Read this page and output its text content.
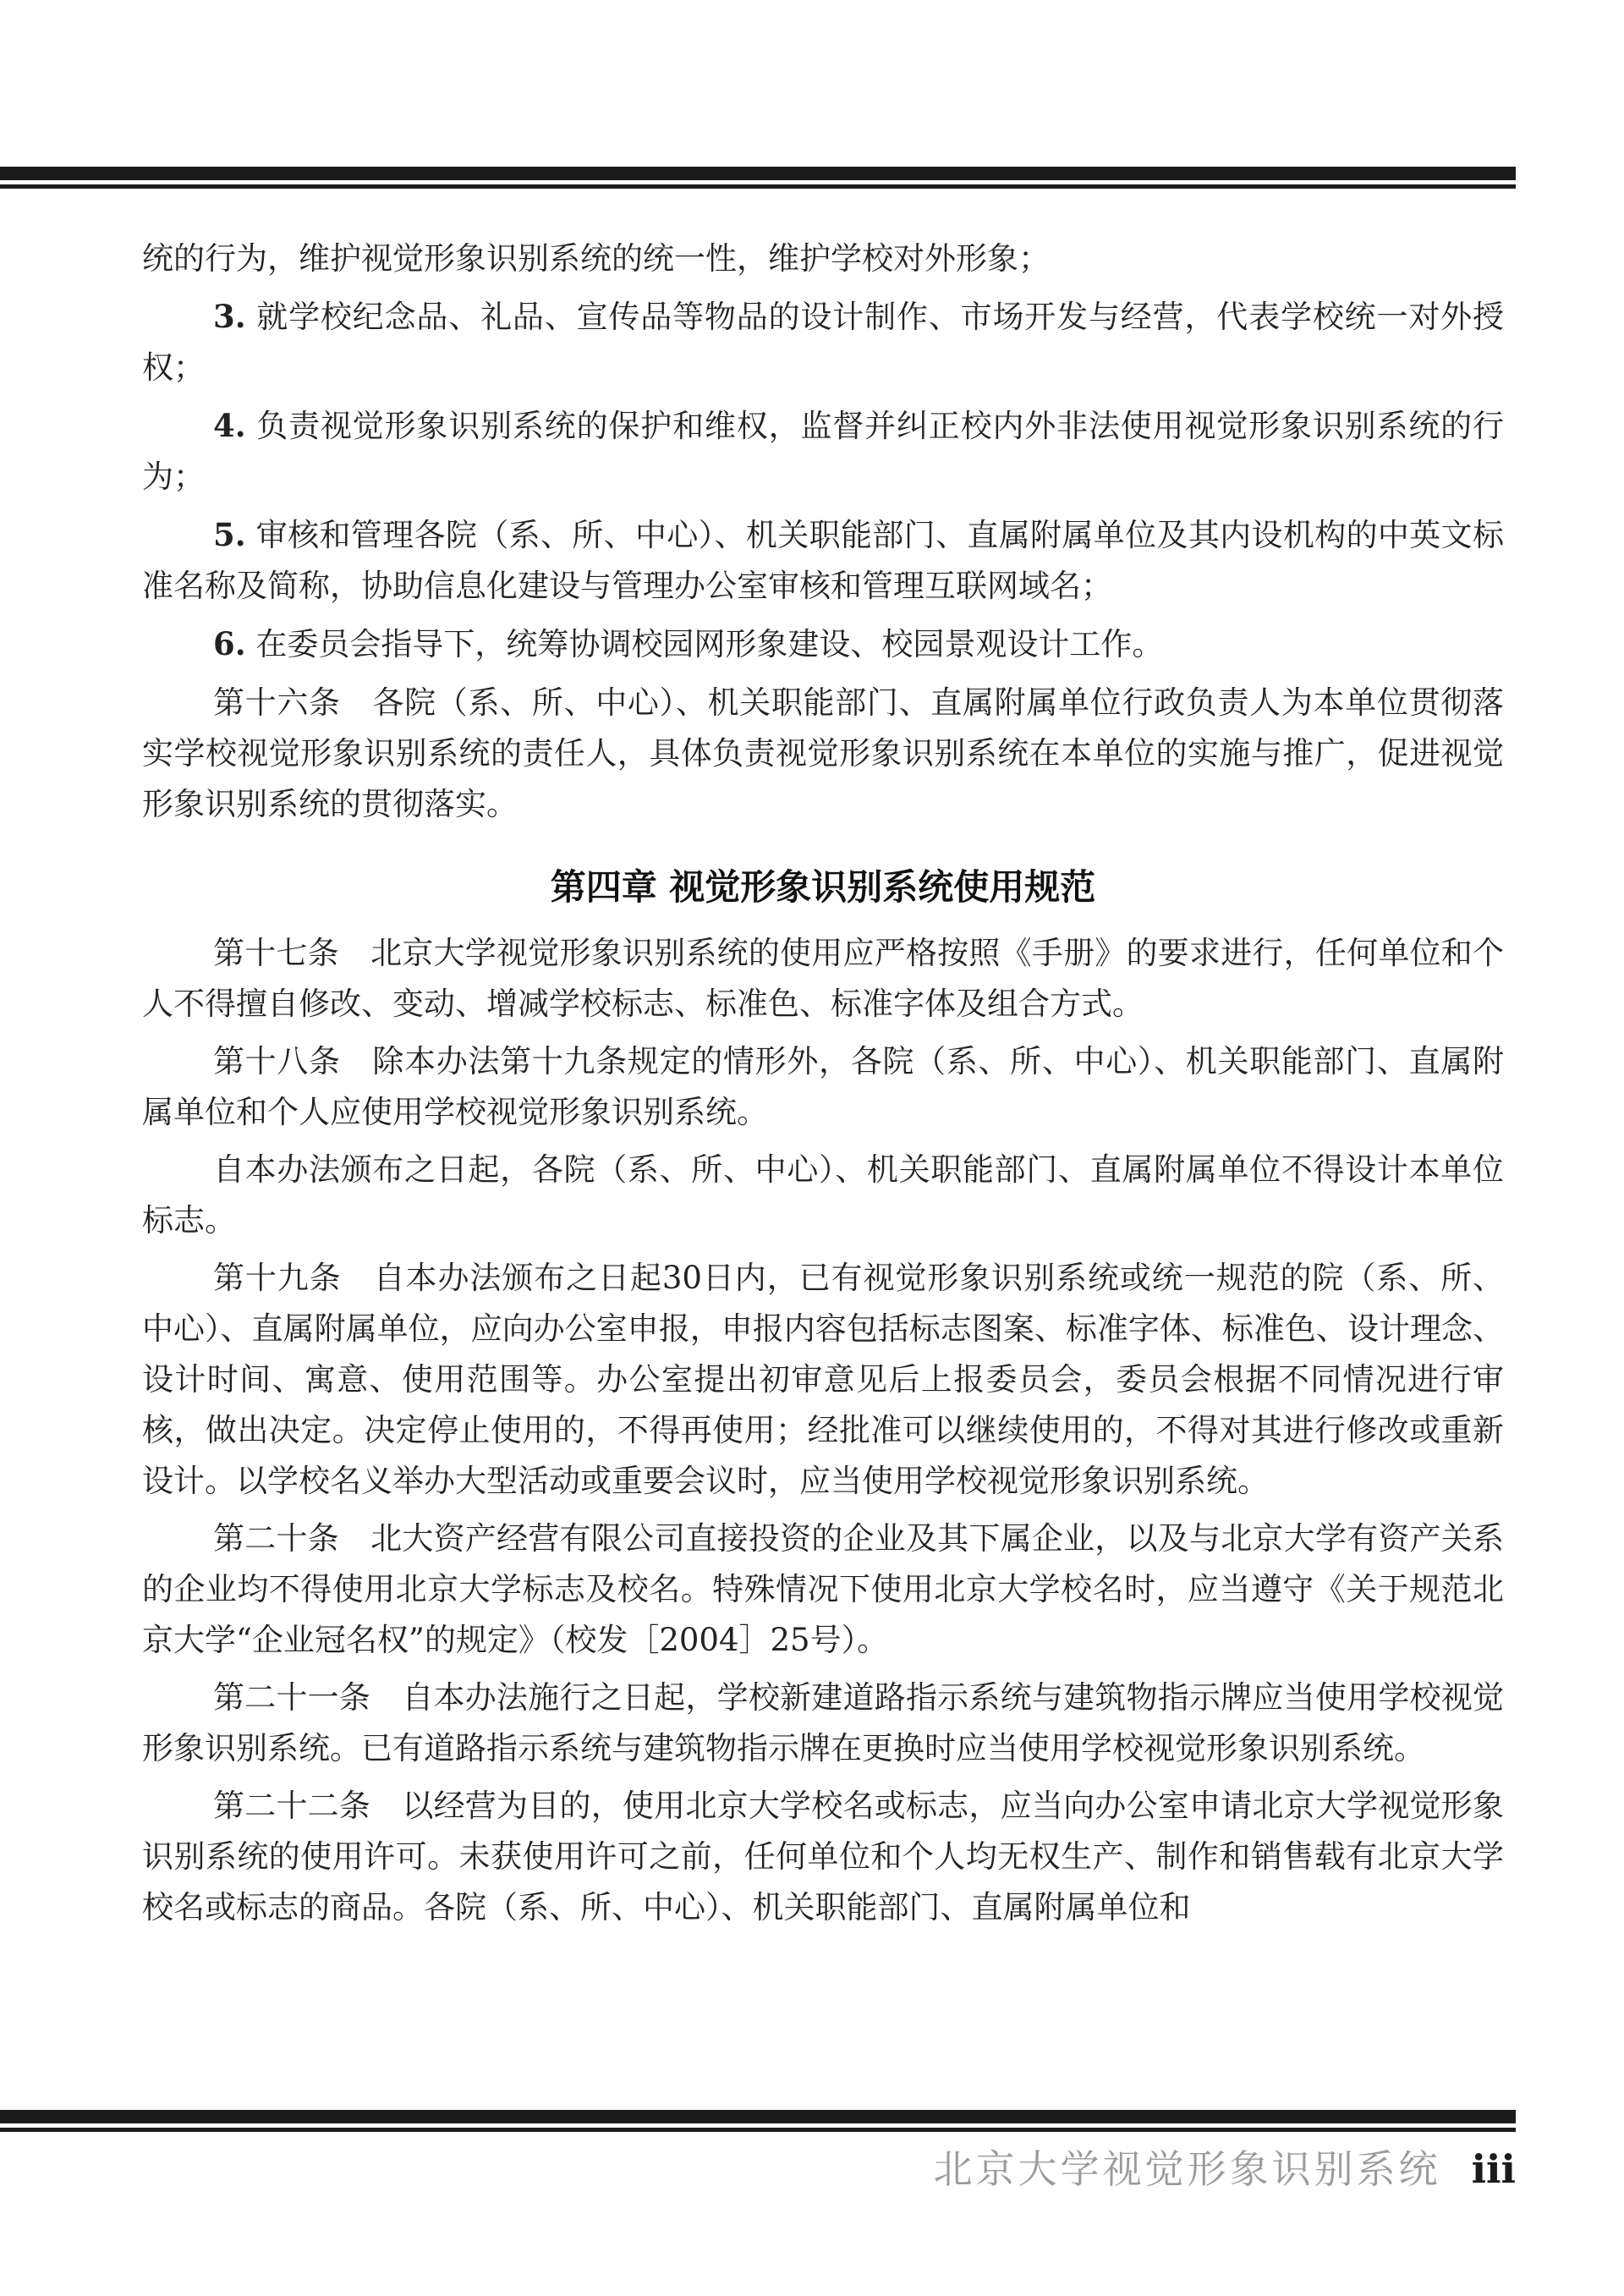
统的行为，维护视觉形象识别系统的统一性，维护学校对外形象；

3. 就学校纪念品、礼品、宣传品等物品的设计制作、市场开发与经营，代表学校统一对外授权；

4. 负责视觉形象识别系统的保护和维权，监督并纠正校内外非法使用视觉形象识别系统的行为；

5. 审核和管理各院（系、所、中心）、机关职能部门、直属附属单位及其内设机构的中英文标准名称及简称，协助信息化建设与管理办公室审核和管理互联网域名；

6. 在委员会指导下，统筹协调校园网形象建设、校园景观设计工作。

第十六条　各院（系、所、中心）、机关职能部门、直属附属单位行政负责人为本单位贯彻落实学校视觉形象识别系统的责任人，具体负责视觉形象识别系统在本单位的实施与推广，促进视觉形象识别系统的贯彻落实。

第四章 视觉形象识别系统使用规范

第十七条　北京大学视觉形象识别系统的使用应严格按照《手册》的要求进行，任何单位和个人不得擅自修改、变动、增减学校标志、标准色、标准字体及组合方式。

第十八条　除本办法第十九条规定的情形外，各院（系、所、中心）、机关职能部门、直属附属单位和个人应使用学校视觉形象识别系统。

自本办法颁布之日起，各院（系、所、中心）、机关职能部门、直属附属单位不得设计本单位标志。

第十九条　自本办法颁布之日起30日内，已有视觉形象识别系统或统一规范的院（系、所、中心）、直属附属单位，应向办公室申报，申报内容包括标志图案、标准字体、标准色、设计理念、设计时间、寓意、使用范围等。办公室提出初审意见后上报委员会，委员会根据不同情况进行审核，做出决定。决定停止使用的，不得再使用；经批准可以继续使用的，不得对其进行修改或重新设计。以学校名义举办大型活动或重要会议时，应当使用学校视觉形象识别系统。

第二十条　北大资产经营有限公司直接投资的企业及其下属企业，以及与北京大学有资产关系的企业均不得使用北京大学标志及校名。特殊情况下使用北京大学校名时，应当遵守《关于规范北京大学“企业冠名权”的规定》（校发［2004］25号）。

第二十一条　自本办法施行之日起，学校新建道路指示系统与建筑物指示牌应当使用学校视觉形象识别系统。已有道路指示系统与建筑物指示牌在更换时应当使用学校视觉形象识别系统。

第二十二条　以经营为目的，使用北京大学校名或标志，应当向办公室申请北京大学视觉形象识别系统的使用许可。未获使用许可之前，任何单位和个人均无权生产、制作和销售载有北京大学校名或标志的商品。各院（系、所、中心）、机关职能部门、直属附属单位和

北京大学视觉形象识别系统 iii
